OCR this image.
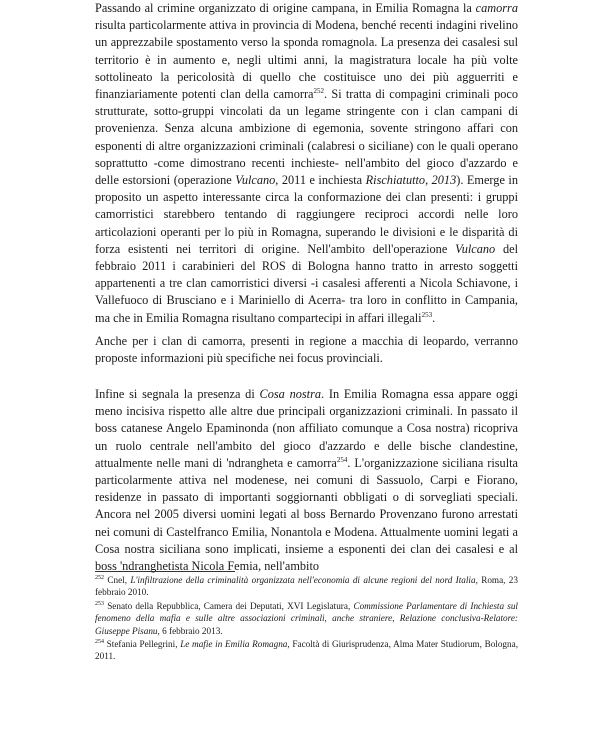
Passando al crimine organizzato di origine campana, in Emilia Romagna la camorra risulta particolarmente attiva in provincia di Modena, benché recenti indagini rivelino un apprezzabile spostamento verso la sponda romagnola. La presenza dei casalesi sul territorio è in aumento e, negli ultimi anni, la magistratura locale ha più volte sottolineato la pericolosità di quello che costituisce uno dei più agguerriti e finanziariamente potenti clan della camorra$^{252}$. Si tratta di compagini criminali poco strutturate, sotto-gruppi vincolati da un legame stringente con i clan campani di provenienza. Senza alcuna ambizione di egemonia, sovente stringono affari con esponenti di altre organizzazioni criminali (calabresi o siciliane) con le quali operano soprattutto -come dimostrano recenti inchieste- nell'ambito del gioco d'azzardo e delle estorsioni (operazione Vulcano, 2011 e inchiesta Rischiatutto, 2013). Emerge in proposito un aspetto interessante circa la conformazione dei clan presenti: i gruppi camorristici starebbero tentando di raggiungere reciproci accordi nelle loro articolazioni operanti per lo più in Romagna, superando le divisioni e le disparità di forza esistenti nei territori di origine. Nell'ambito dell'operazione Vulcano del febbraio 2011 i carabinieri del ROS di Bologna hanno tratto in arresto soggetti appartenenti a tre clan camorristici diversi -i casalesi afferenti a Nicola Schiavone, i Vallefuoco di Brusciano e i Mariniello di Acerra- tra loro in conflitto in Campania, ma che in Emilia Romagna risultano compartecipi in affari illegali$^{253}$.

Anche per i clan di camorra, presenti in regione a macchia di leopardo, verranno proposte informazioni più specifiche nei focus provinciali.

Infine si segnala la presenza di Cosa nostra. In Emilia Romagna essa appare oggi meno incisiva rispetto alle altre due principali organizzazioni criminali. In passato il boss catanese Angelo Epaminonda (non affiliato comunque a Cosa nostra) ricopriva un ruolo centrale nell'ambito del gioco d'azzardo e delle bische clandestine, attualmente nelle mani di 'ndranghetа e camorra$^{254}$. L'organizzazione siciliana risulta particolarmente attiva nel modenese, nei comuni di Sassuolo, Carpi e Fiorano, residenze in passato di importanti soggiornanti obbligati o di sorvegliati speciali. Ancora nel 2005 diversi uomini legati al boss Bernardo Provenzano furono arrestati nei comuni di Castelfranco Emilia, Nonantola e Modena. Attualmente uomini legati a Cosa nostra siciliana sono implicati, insieme a esponenti dei clan dei casalesi e al boss 'ndranghetista Nicola Femia, nell'ambito

$^{252}$ Cnel, L'infiltrazione della criminalità organizzata nell'economia di alcune regioni del nord Italia, Roma, 23 febbraio 2010.

$^{253}$ Senato della Repubblica, Camera dei Deputati, XVI Legislatura, Commissione Parlamentare di Inchiesta sul fenomeno della mafia e sulle altre associazioni criminali, anche straniere, Relazione conclusiva-Relatore: Giuseppe Pisanu, 6 febbraio 2013.

$^{254}$ Stefania Pellegrini, Le mafie in Emilia Romagna, Facoltà di Giurisprudenza, Alma Mater Studiorum, Bologna, 2011.
